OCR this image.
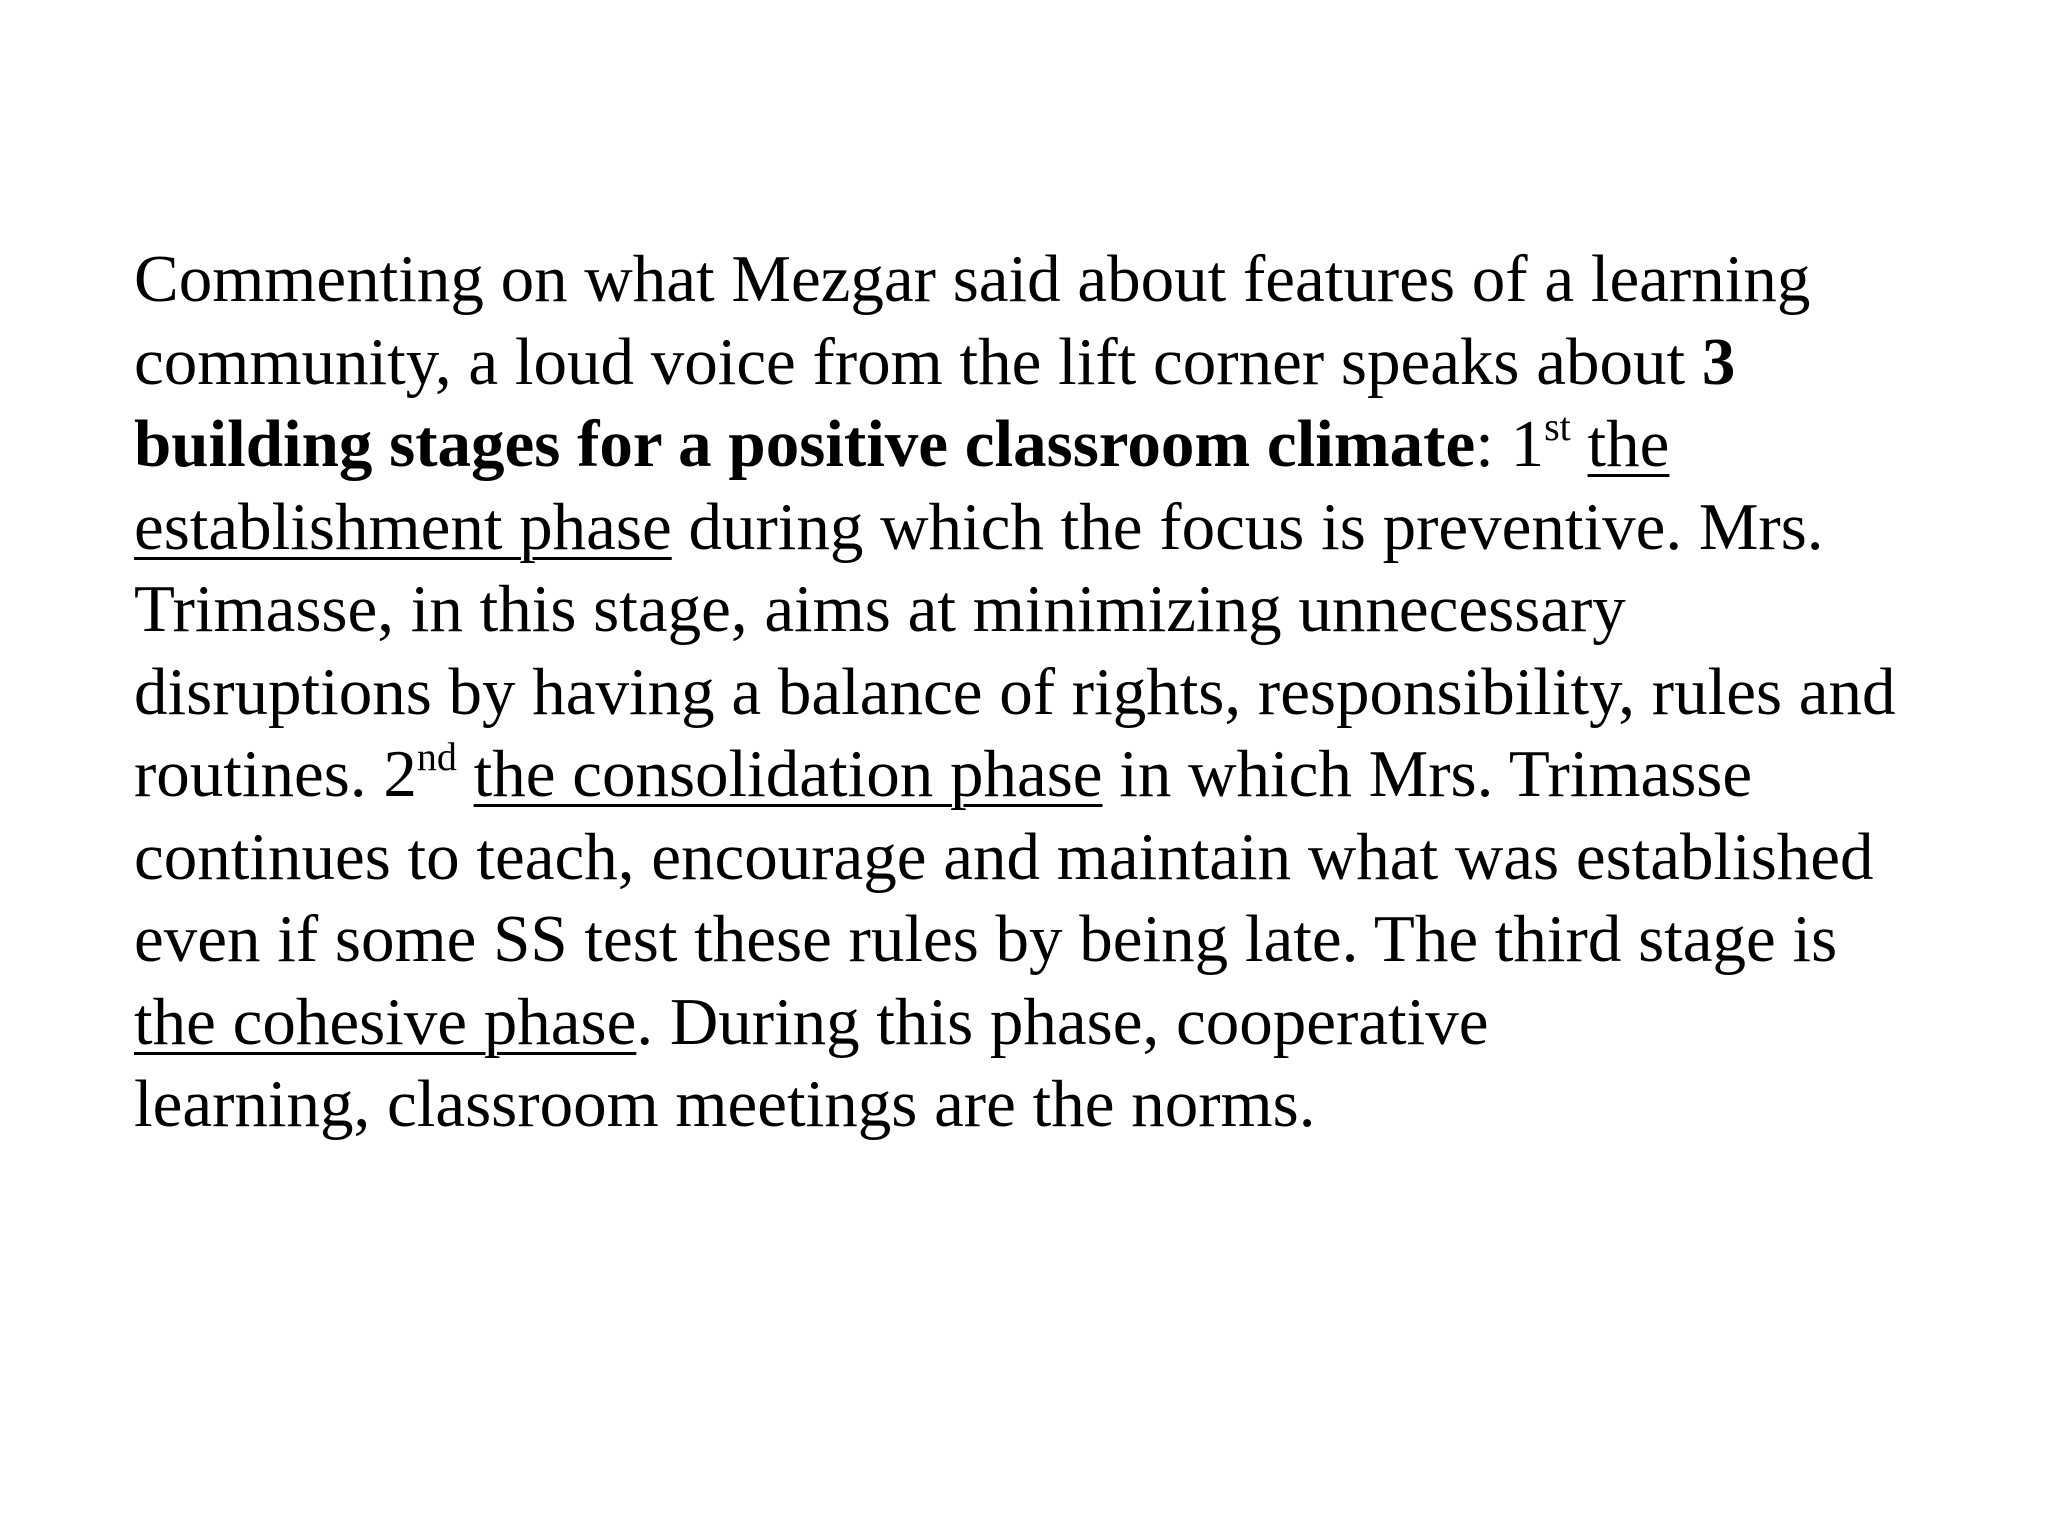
Commenting on what Mezgar said about features of a learning
community, a loud voice from the lift corner speaks about 3
building stages for a positive classroom climate: 1st the
establishment phase during which the focus is preventive. Mrs.
Trimasse, in this stage, aims at minimizing unnecessary
disruptions by having a balance of rights, responsibility, rules and
routines. 2nd the consolidation phase in which Mrs. Trimasse
continues to teach, encourage and maintain what was established
even if some SS test these rules by being late. The third stage is
the cohesive phase. During this phase, cooperative
learning, classroom meetings are the norms.
